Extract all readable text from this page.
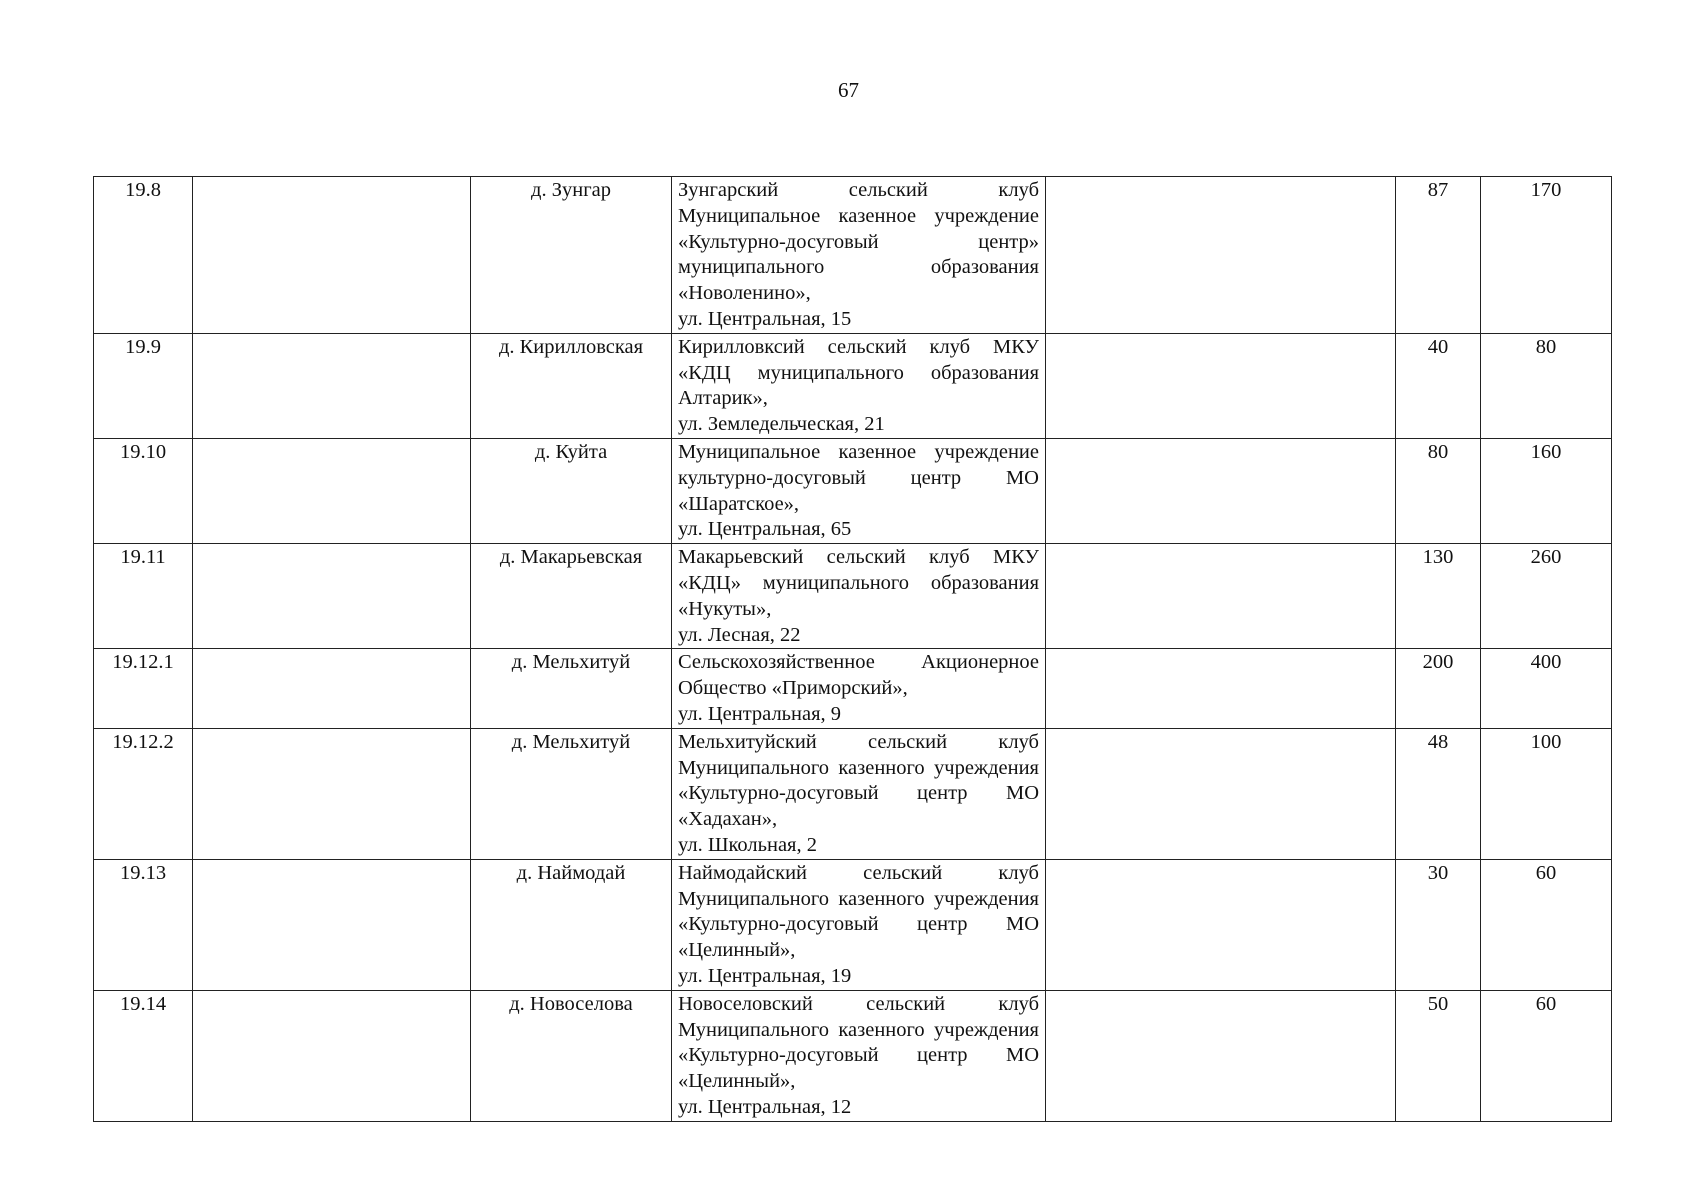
67
19.8		д. Зунгар	Зунгарский сельский клуб Муниципальное казенное учреждение «Культурно-досуговый центр» муниципального образования «Новоленино»,
ул. Центральная, 15		87	170
19.9		д. Кирилловская	Кирилловксий сельский клуб МКУ «КДЦ муниципального образования Алтарик»,
ул. Земледельческая, 21		40	80
19.10		д. Куйта	Муниципальное казенное учреждение культурно-досуговый центр МО «Шаратское»,
ул. Центральная, 65		80	160
19.11		д. Макарьевская	Макарьевский сельский клуб МКУ «КДЦ» муниципального образования «Нукуты»,
ул. Лесная, 22		130	260
19.12.1		д. Мельхитуй	Сельскохозяйственное Акционерное Общество «Приморский»,
ул. Центральная, 9		200	400
19.12.2		д. Мельхитуй	Мельхитуйский сельский клуб Муниципального казенного учреждения «Культурно-досуговый центр МО «Хадахан»,
ул. Школьная, 2		48	100
19.13		д. Наймодай	Наймодайский сельский клуб Муниципального казенного учреждения «Культурно-досуговый центр МО «Целинный»,
ул. Центральная, 19		30	60
19.14		д. Новоселова	Новоселовский сельский клуб Муниципального казенного учреждения «Культурно-досуговый центр МО «Целинный»,
ул. Центральная, 12		50	60
